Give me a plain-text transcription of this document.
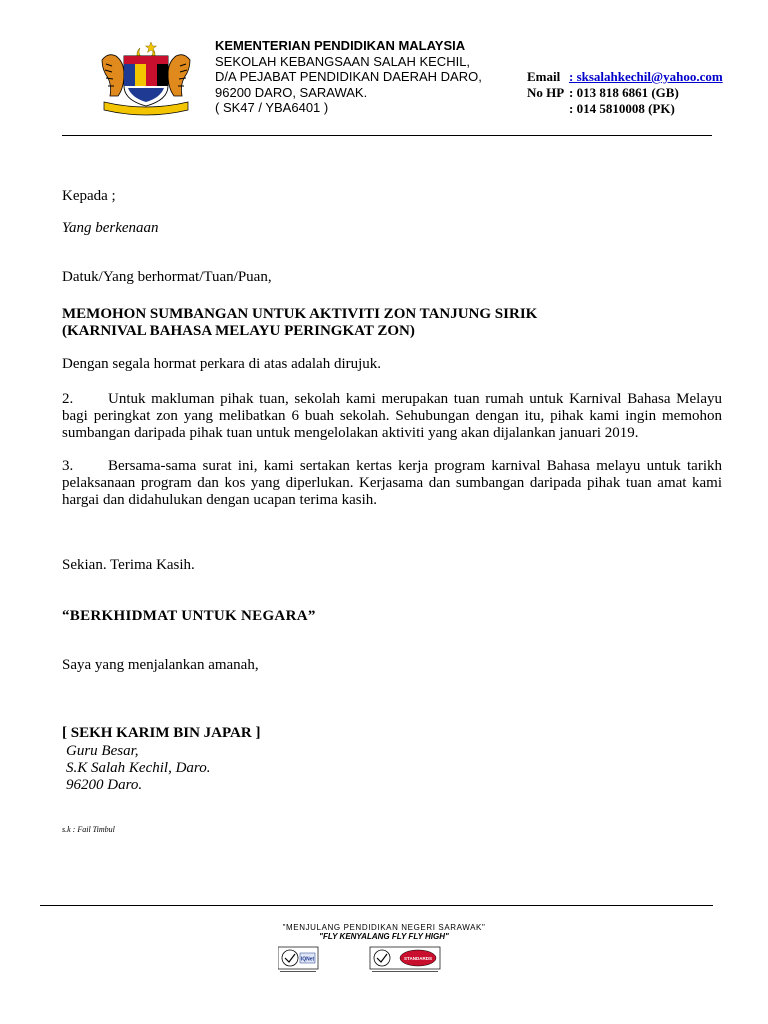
KEMENTERIAN PENDIDIKAN MALAYSIA
SEKOLAH KEBANGSAAN SALAH KECHIL,
D/A PEJABAT PENDIDIKAN DAERAH DARO,
96200 DARO, SARAWAK.
( SK47 / YBA6401 )
Email : sksalahkechil@yahoo.com
No HP : 013 818 6861 (GB)
: 014 5810008 (PK)
Kepada ;
Yang berkenaan
Datuk/Yang berhormat/Tuan/Puan,
MEMOHON SUMBANGAN UNTUK AKTIVITI ZON TANJUNG SIRIK
(KARNIVAL BAHASA MELAYU PERINGKAT ZON)
Dengan segala hormat perkara di atas adalah dirujuk.
2. Untuk makluman pihak tuan, sekolah kami merupakan tuan rumah untuk Karnival Bahasa Melayu bagi peringkat zon yang melibatkan 6 buah sekolah. Sehubungan dengan itu, pihak kami ingin memohon sumbangan daripada pihak tuan untuk mengelolakan aktiviti yang akan dijalankan januari 2019.
3. Bersama-sama surat ini, kami sertakan kertas kerja program karnival Bahasa melayu untuk tarikh pelaksanaan program dan kos yang diperlukan. Kerjasama dan sumbangan daripada pihak tuan amat kami hargai dan didahulukan dengan ucapan terima kasih.
Sekian. Terima Kasih.
“BERKHIDMAT UNTUK NEGARA”
Saya yang menjalankan amanah,
[ SEKH KARIM BIN JAPAR ]
Guru Besar,
S.K Salah Kechil, Daro.
96200 Daro.
s.k : Fail Timbul
"MENJULANG PENDIDIKAN NEGERI SARAWAK"
"FLY KENYALANG FLY FLY HIGH"
IQNet	STANDARDS
